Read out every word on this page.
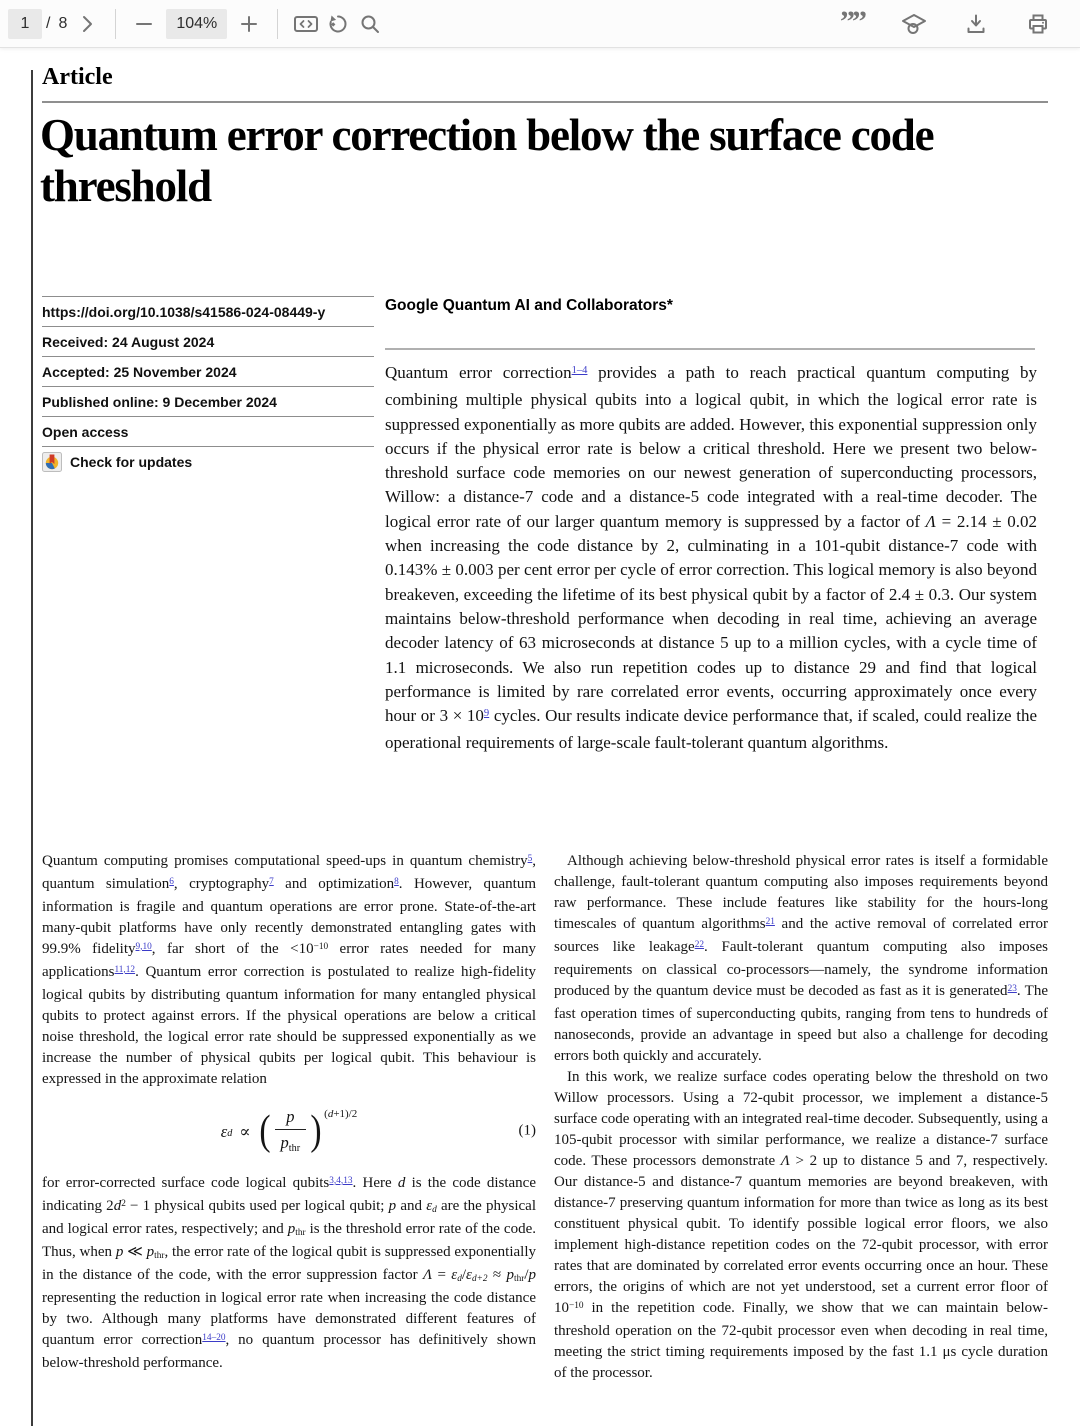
1	/ 8	104%	””
Article
Quantum error correction below the surface code threshold
https://doi.org/10.1038/s41586-024-08449-y
Received: 24 August 2024
Accepted: 25 November 2024
Published online: 9 December 2024
Open access
Check for updates
Google Quantum AI and Collaborators*
Quantum error correction$^{1-4}$ provides a path to reach practical quantum computing by combining multiple physical qubits into a logical qubit, in which the logical error rate is suppressed exponentially as more qubits are added. However, this exponential suppression only occurs if the physical error rate is below a critical threshold. Here we present two below-threshold surface code memories on our newest generation of superconducting processors, Willow: a distance-7 code and a distance-5 code integrated with a real-time decoder. The logical error rate of our larger quantum memory is suppressed by a factor of Λ = 2.14 ± 0.02 when increasing the code distance by 2, culminating in a 101-qubit distance-7 code with 0.143% ± 0.003 per cent error per cycle of error correction. This logical memory is also beyond breakeven, exceeding the lifetime of its best physical qubit by a factor of 2.4 ± 0.3. Our system maintains below-threshold performance when decoding in real time, achieving an average decoder latency of 63 microseconds at distance 5 up to a million cycles, with a cycle time of 1.1 microseconds. We also run repetition codes up to distance 29 and find that logical performance is limited by rare correlated error events, occurring approximately once every hour or $3 \times 10^9$ cycles. Our results indicate device performance that, if scaled, could realize the operational requirements of large-scale fault-tolerant quantum algorithms.

Quantum computing promises computational speed-ups in quantum chemistry$^5$, quantum simulation$^6$, cryptography$^7$ and optimization$^8$. However, quantum information is fragile and quantum operations are error prone. State-of-the-art many-qubit platforms have only recently demonstrated entangling gates with 99.9% fidelity$^{9,10}$, far short of the $<10^{-10}$ error rates needed for many applications$^{11,12}$. Quantum error correction is postulated to realize high-fidelity logical qubits by distributing quantum information for many entangled physical qubits to protect against errors. If the physical operations are below a critical noise threshold, the logical error rate should be suppressed exponentially as we increase the number of physical qubits per logical qubit. This behaviour is expressed in the approximate relation

ε d ∝ ( $\frac{p}{\text{pthr}}$ ) (d+1)/2
(1)

for error-corrected surface code logical qubits$^{3,4,13}$. Here d is the code distance indicating $2d^2 - 1$ physical qubits used per logical qubit; p and εd are the physical and logical error rates, respectively; and pthr is the threshold error rate of the code. Thus, when p ≪ pthr, the error rate of the logical qubit is suppressed exponentially in the distance of the code, with the error suppression factor Λ = εd/εd+2 ≈ pthr/p representing the reduction in logical error rate when increasing the code distance by two. Although many platforms have demonstrated different features of quantum error correction$^{14-20}$, no quantum processor has definitively shown below-threshold performance.

Although achieving below-threshold physical error rates is itself a formidable challenge, fault-tolerant quantum computing also imposes requirements beyond raw performance. These include features like stability for the hours-long timescales of quantum algorithms$^{21}$ and the active removal of correlated error sources like leakage$^{22}$. Fault-tolerant quantum computing also imposes requirements on classical co-processors—namely, the syndrome information produced by the quantum device must be decoded as fast as it is generated$^{23}$. The fast operation times of superconducting qubits, ranging from tens to hundreds of nanoseconds, provide an advantage in speed but also a challenge for decoding errors both quickly and accurately.

In this work, we realize surface codes operating below the threshold on two Willow processors. Using a 72-qubit processor, we implement a distance-5 surface code operating with an integrated real-time decoder. Subsequently, using a 105-qubit processor with similar performance, we realize a distance-7 surface code. These processors demonstrate Λ > 2 up to distance 5 and 7, respectively. Our distance-5 and distance-7 quantum memories are beyond breakeven, with distance-7 preserving quantum information for more than twice as long as its best constituent physical qubit. To identify possible logical error floors, we also implement high-distance repetition codes on the 72-qubit processor, with error rates that are dominated by correlated error events occurring once an hour. These errors, the origins of which are not yet understood, set a current error floor of $10^{-10}$ in the repetition code. Finally, we show that we can maintain below-threshold operation on the 72-qubit processor even when decoding in real time, meeting the strict timing requirements imposed by the fast 1.1 μs cycle duration of the processor.
